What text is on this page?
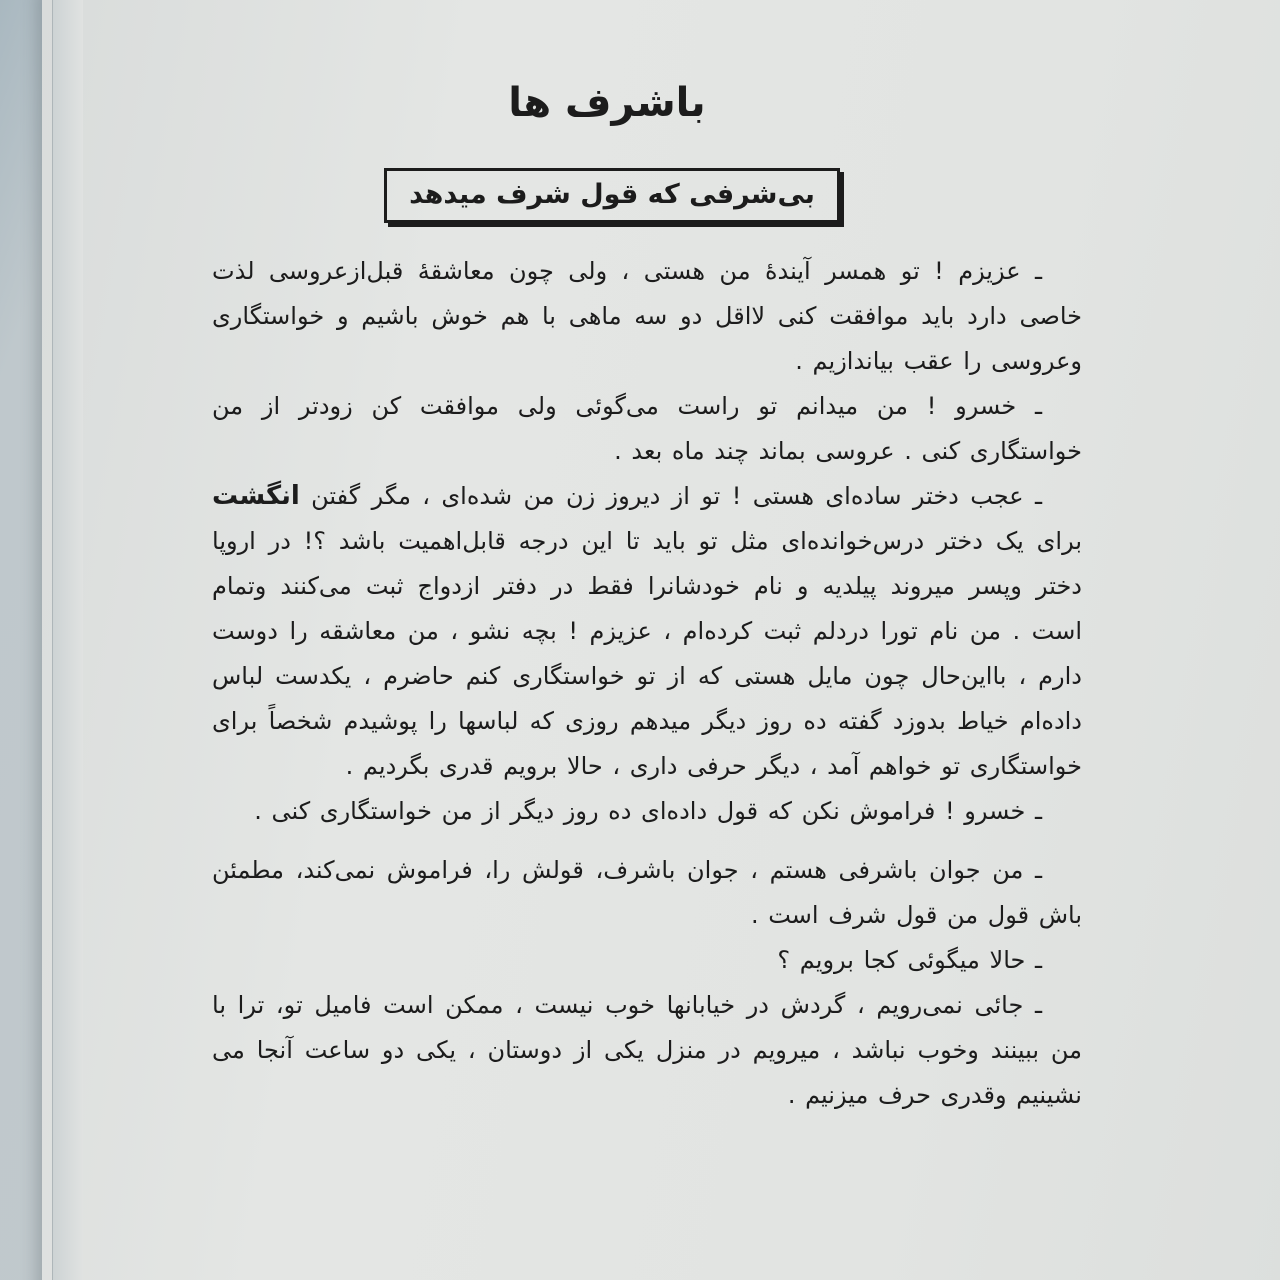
باشرف ها
بی‌شرفی که قول شرف میدهد

ـ عزیزم ! تو همسر آیندهٔ من هستی ، ولی چون معاشقهٔ قبل‌ازعروسی لذت خاصی دارد باید موافقت کنی لااقل دو سه ماهی با هم خوش باشیم و خواستگاری وعروسی را عقب بیاندازیم .

ـ خسرو ! من میدانم تو راست می‌گوئی ولی موافقت کن زودتر از من خواستگاری کنی . عروسی بماند چند ماه بعد .

ـ عجب دختر ساده‌ای هستی ! تو از دیروز زن من شده‌ای ، مگر گفتن انگشت برای یک دختر درس‌خوانده‌ای مثل تو باید تا این درجه قابل‌اهمیت باشد ؟! در اروپا دختر وپسر میروند پیلدیه و نام خودشانرا فقط در دفتر ازدواج ثبت می‌کنند وتمام است . من نام تورا دردلم ثبت کرده‌ام ، عزیزم ! بچه نشو ، من معاشقه را دوست دارم ، بااین‌حال چون مایل هستی که از تو خواستگاری کنم حاضرم ، یکدست لباس داده‌ام خیاط بدوزد گفته ده روز دیگر میدهم روزی که لباسها را پوشیدم شخصاً برای خواستگاری تو خواهم آمد ، دیگر حرفی داری ، حالا برویم قدری بگردیم .

ـ خسرو ! فراموش نکن که قول داده‌ای ده روز دیگر از من خواستگاری کنی .

ـ من جوان باشرفی هستم ، جوان باشرف، قولش را، فراموش نمی‌کند، مطمئن باش قول من قول شرف است .

ـ حالا میگوئی کجا برویم ؟

ـ جائی نمی‌رویم ، گردش در خیابانها خوب نیست ، ممکن است فامیل تو، ترا با من ببینند وخوب نباشد ، میرویم در منزل یکی از دوستان ، یکی دو ساعت آنجا می نشینیم وقدری حرف میزنیم .
